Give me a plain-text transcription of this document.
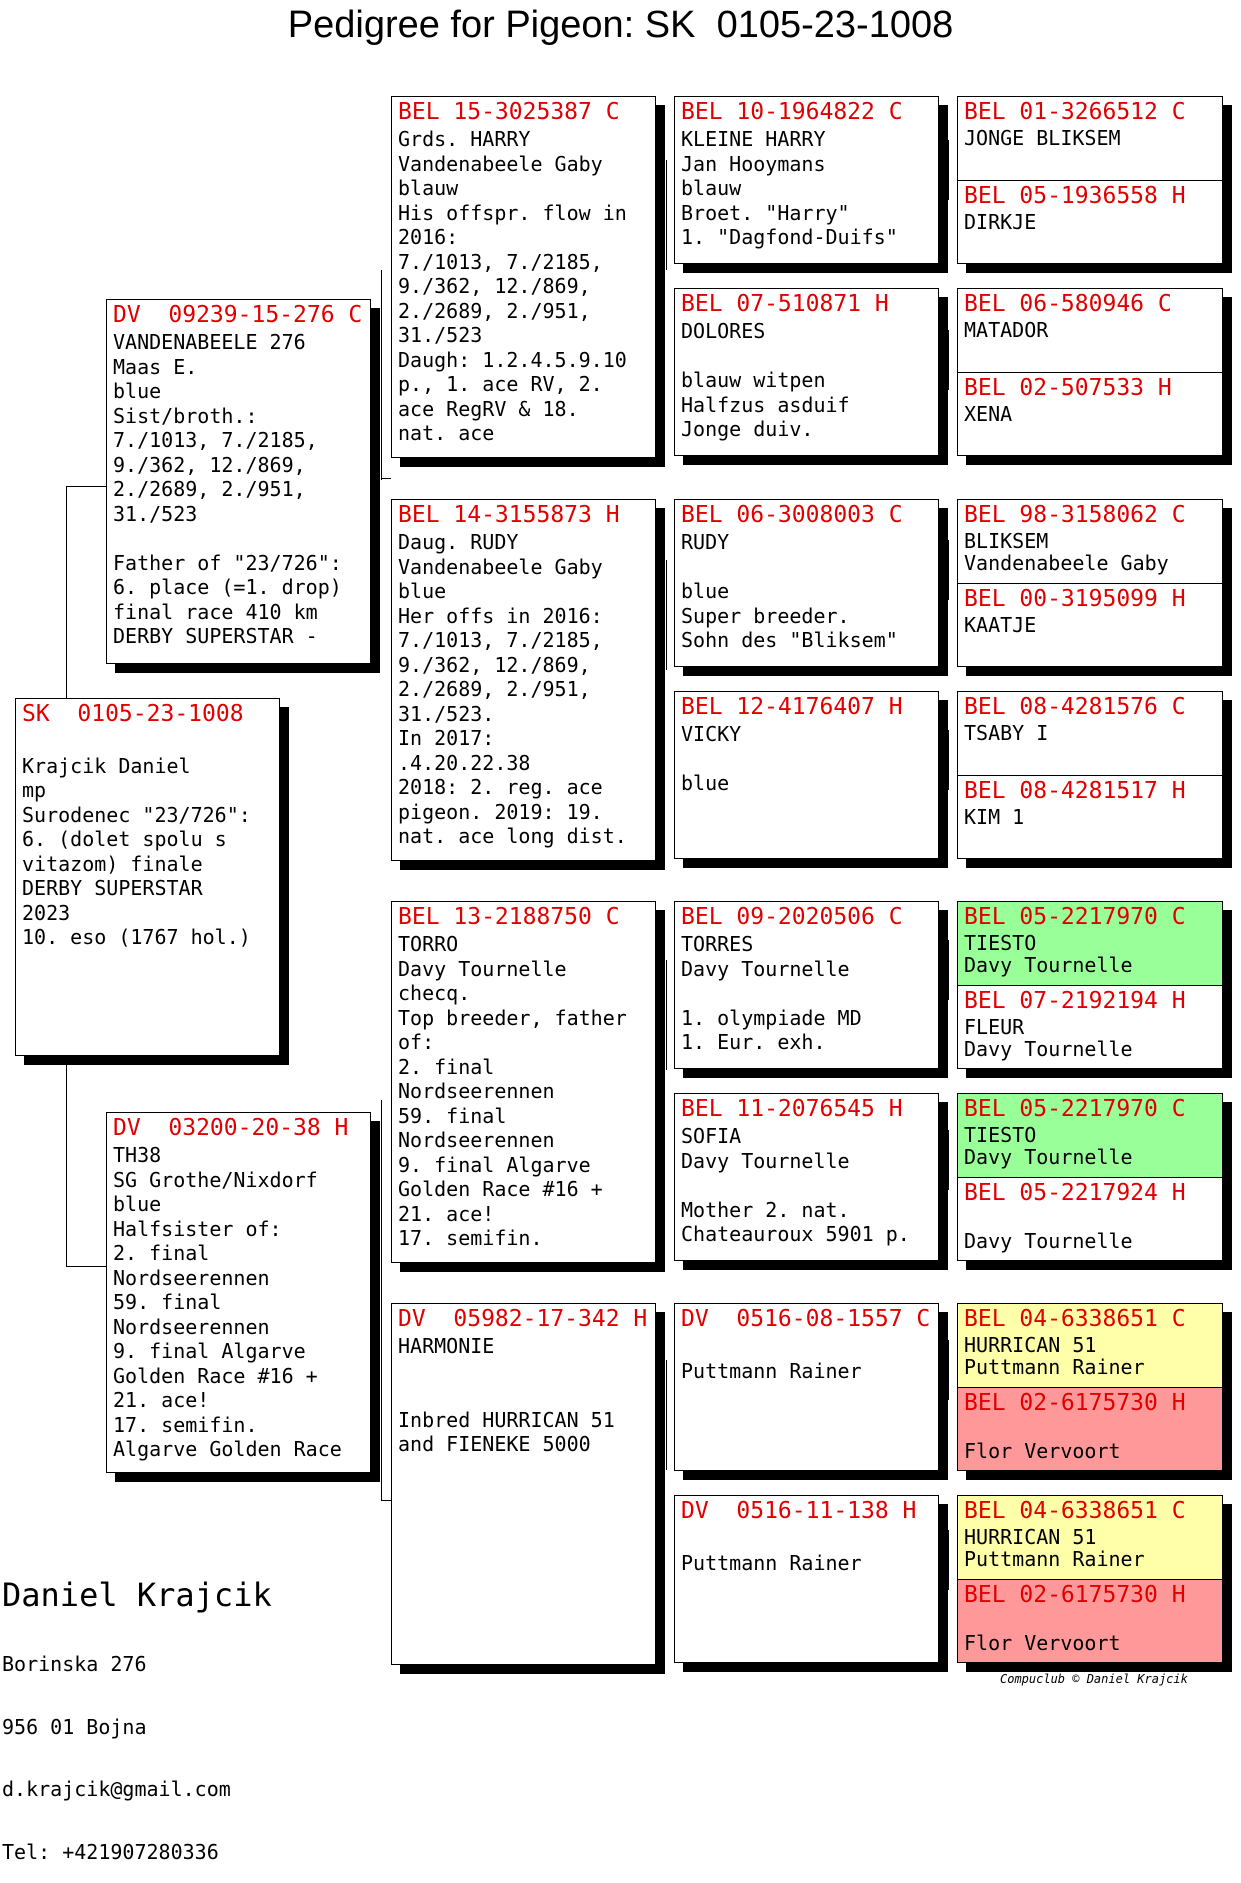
Pedigree for Pigeon: SK  0105-23-1008
SK  0105-23-1008

Krajcik Daniel
mp
Surodenec "23/726":
6. (dolet spolu s
vitazom) finale
DERBY SUPERSTAR
2023
10. eso (1767 hol.)
DV  09239-15-276 C
VANDENABEELE 276
Maas E.
blue
Sist/broth.:
7./1013, 7./2185,
9./362, 12./869,
2./2689, 2./951,
31./523

Father of "23/726":
6. place (=1. drop)
final race 410 km
DERBY SUPERSTAR -
DV  03200-20-38 H
TH38
SG Grothe/Nixdorf
blue
Halfsister of:
2. final
Nordseerennen
59. final
Nordseerennen
9. final Algarve
Golden Race #16 +
21. ace!
17. semifin.
Algarve Golden Race
BEL 15-3025387 C
Grds. HARRY
Vandenabeele Gaby
blauw
His offspr. flow in
2016:
7./1013, 7./2185,
9./362, 12./869,
2./2689, 2./951,
31./523
Daugh: 1.2.4.5.9.10
p., 1. ace RV, 2.
ace RegRV & 18.
nat. ace
BEL 14-3155873 H
Daug. RUDY
Vandenabeele Gaby
blue
Her offs in 2016:
7./1013, 7./2185,
9./362, 12./869,
2./2689, 2./951,
31./523.
In 2017:
.4.20.22.38
2018: 2. reg. ace
pigeon. 2019: 19.
nat. ace long dist.
BEL 13-2188750 C
TORRO
Davy Tournelle
checq.
Top breeder, father
of:
2. final
Nordseerennen
59. final
Nordseerennen
9. final Algarve
Golden Race #16 +
21. ace!
17. semifin.
DV  05982-17-342 H
HARMONIE

Inbred HURRICAN 51
and FIENEKE 5000
BEL 10-1964822 C
KLEINE HARRY
Jan Hooymans
blauw
Broet. "Harry"
1. "Dagfond-Duifs"
BEL 07-510871 H
DOLORES

blauw witpen
Halfzus asduif
Jonge duiv.
BEL 06-3008003 C
RUDY

blue
Super breeder.
Sohn des "Bliksem"
BEL 12-4176407 H
VICKY

blue
BEL 09-2020506 C
TORRES
Davy Tournelle

1. olympiade MD
1. Eur. exh.
BEL 11-2076545 H
SOFIA
Davy Tournelle

Mother 2. nat.
Chateauroux 5901 p.
DV  0516-08-1557 C

Puttmann Rainer
DV  0516-11-138 H

Puttmann Rainer
BEL 01-3266512 C
JONGE BLIKSEM
BEL 05-1936558 H
DIRKJE
BEL 06-580946 C
MATADOR
BEL 02-507533 H
XENA
BEL 98-3158062 C
BLIKSEM
Vandenabeele Gaby
BEL 00-3195099 H
KAATJE
BEL 08-4281576 C
TSABY I
BEL 08-4281517 H
KIM 1
BEL 05-2217970 C
TIESTO
Davy Tournelle
BEL 07-2192194 H
FLEUR
Davy Tournelle
BEL 05-2217970 C
TIESTO
Davy Tournelle
BEL 05-2217924 H

Davy Tournelle
BEL 04-6338651 C
HURRICAN 51
Puttmann Rainer
BEL 02-6175730 H

Flor Vervoort
BEL 04-6338651 C
HURRICAN 51
Puttmann Rainer
BEL 02-6175730 H

Flor Vervoort

Daniel Krajcik

Borinska 276

956 01 Bojna

d.krajcik@gmail.com

Tel: +421907280336

Compuclub © Daniel Krajcik
